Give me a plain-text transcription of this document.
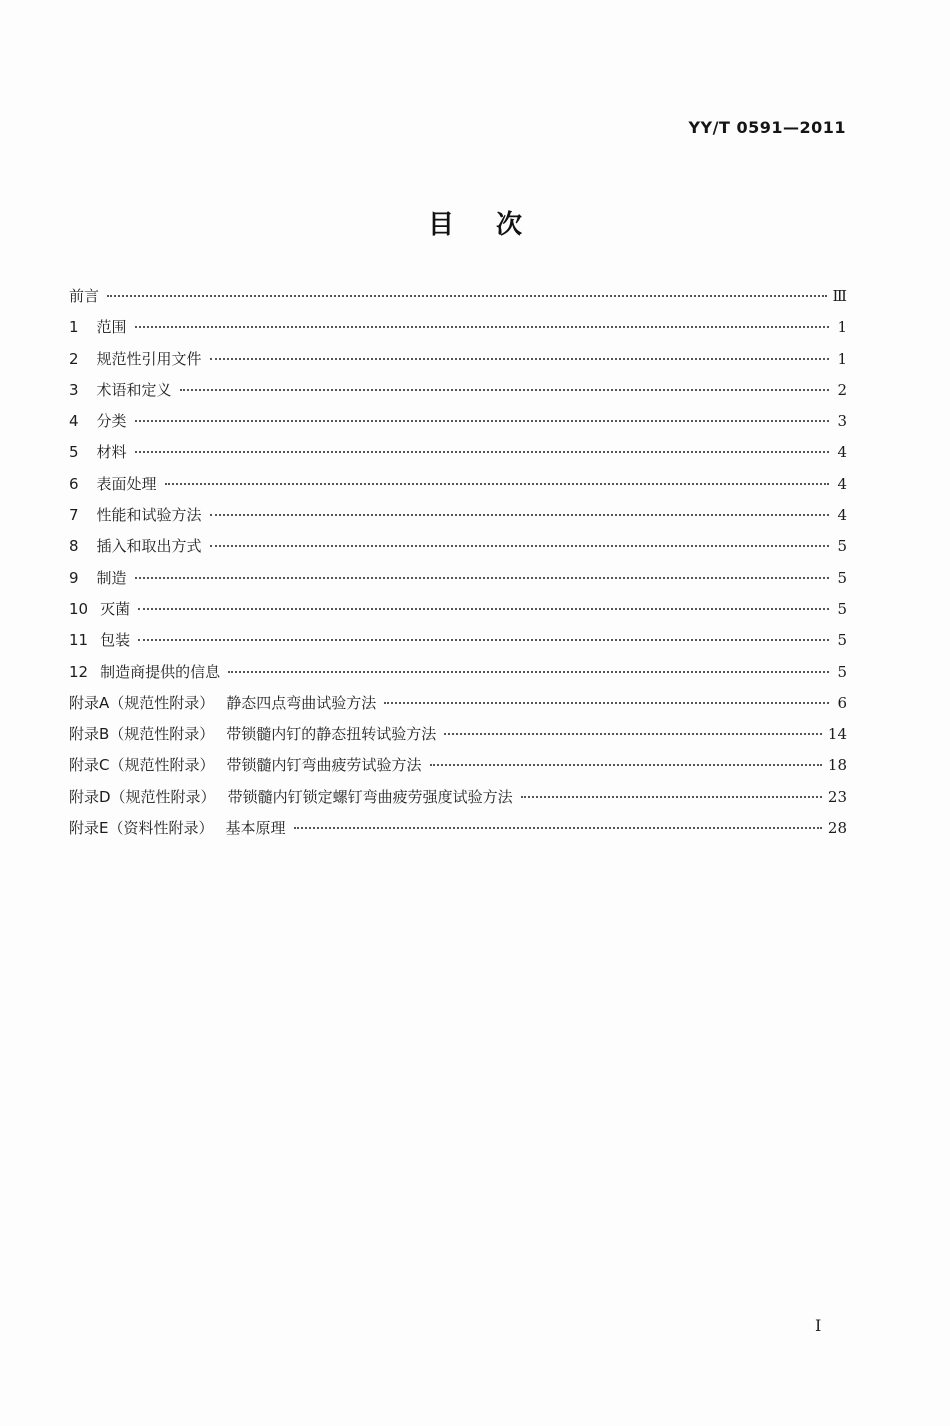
YY/T 0591—2011
目次
前言	Ⅲ
1 范围	1
2 规范性引用文件	1
3 术语和定义	2
4 分类	3
5 材料	4
6 表面处理	4
7 性能和试验方法	4
8 插入和取出方式	5
9 制造	5
10 灭菌	5
11 包装	5
12 制造商提供的信息	5
附录A（规范性附录） 静态四点弯曲试验方法	6
附录B（规范性附录） 带锁髓内钉的静态扭转试验方法	14
附录C（规范性附录） 带锁髓内钉弯曲疲劳试验方法	18
附录D（规范性附录） 带锁髓内钉锁定螺钉弯曲疲劳强度试验方法	23
附录E（资料性附录） 基本原理	28
I
